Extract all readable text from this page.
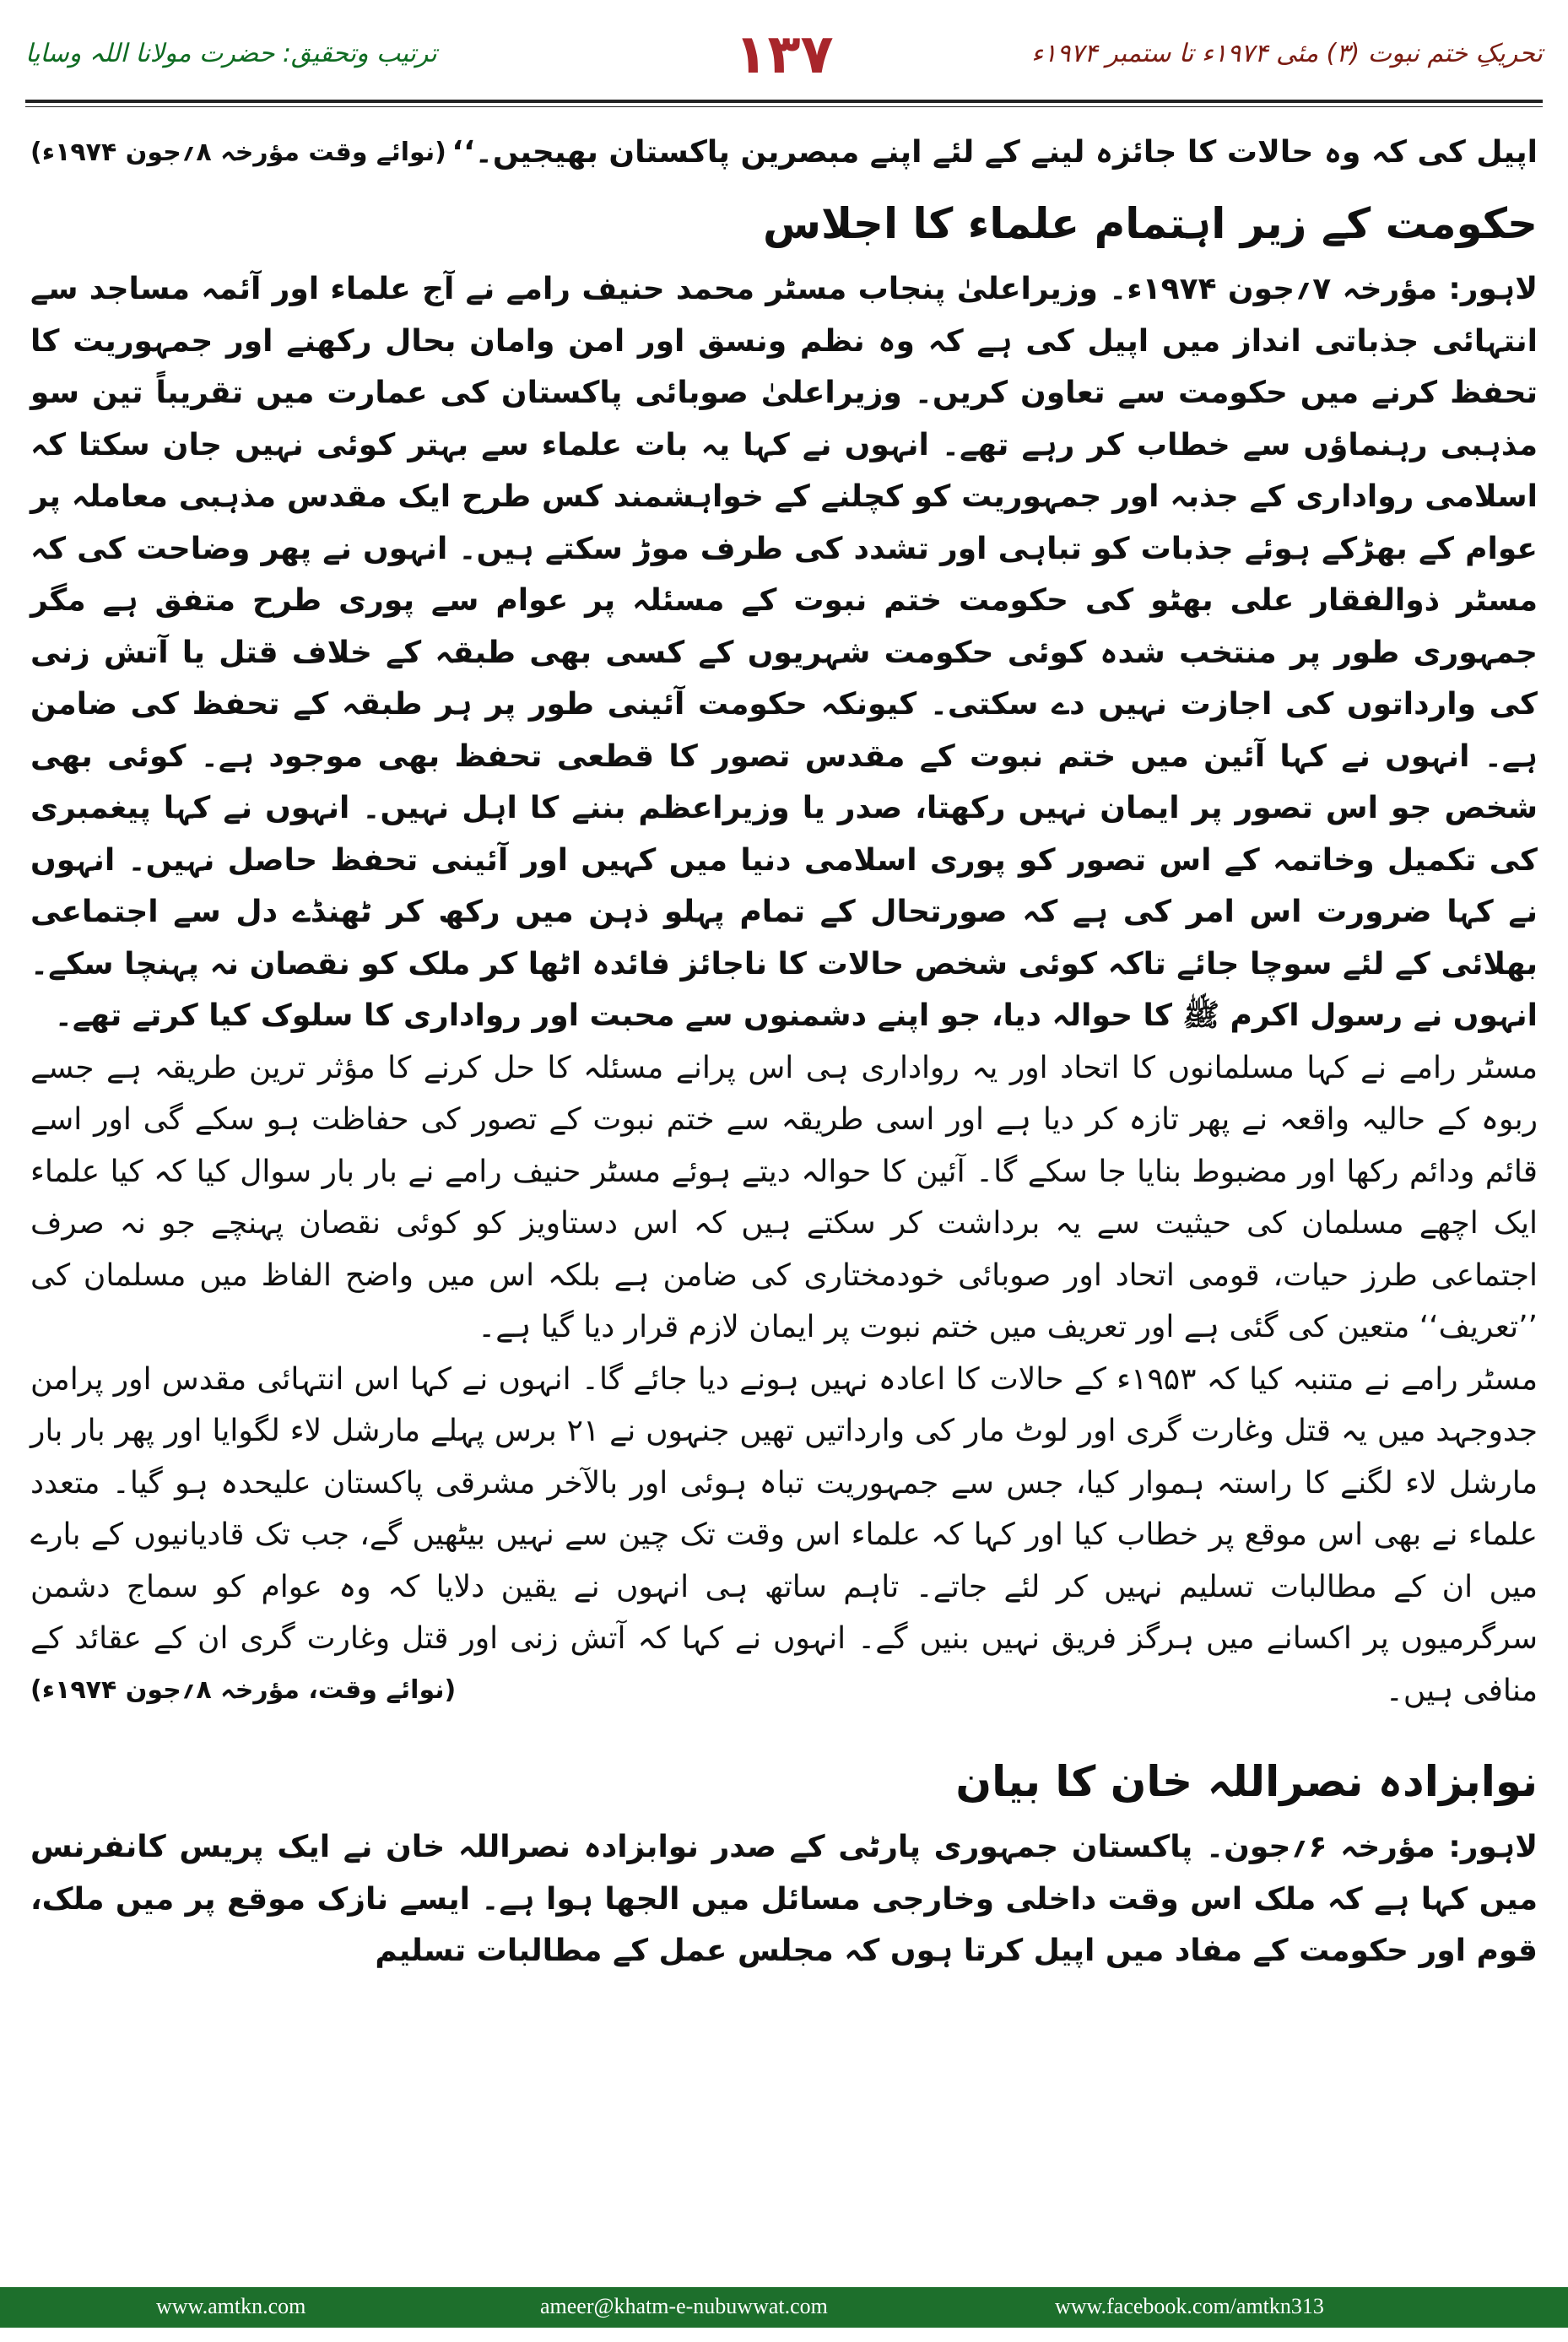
تحریکِ ختم نبوت (۳) مئی ۱۹۷۴ء تا ستمبر ۱۹۷۴ء
۱۳۷
ترتیب وتحقیق: حضرت مولانا اللہ وسایا
اپیل کی کہ وہ حالات کا جائزہ لینے کے لئے اپنے مبصرین پاکستان بھیجیں۔‘‘
(نوائے وقت مؤرخہ ۸؍جون ۱۹۷۴ء)
حکومت کے زیر اہتمام علماء کا اجلاس

لاہور: مؤرخہ ۷؍جون ۱۹۷۴ء۔ وزیراعلیٰ پنجاب مسٹر محمد حنیف رامے نے آج علماء اور آئمہ مساجد سے انتہائی جذباتی انداز میں اپیل کی ہے کہ وہ نظم ونسق اور امن وامان بحال رکھنے اور جمہوریت کا تحفظ کرنے میں حکومت سے تعاون کریں۔ وزیراعلیٰ صوبائی پاکستان کی عمارت میں تقریباً تین سو مذہبی رہنماؤں سے خطاب کر رہے تھے۔ انہوں نے کہا یہ بات علماء سے بہتر کوئی نہیں جان سکتا کہ اسلامی رواداری کے جذبہ اور جمہوریت کو کچلنے کے خواہشمند کس طرح ایک مقدس مذہبی معاملہ پر عوام کے بھڑکے ہوئے جذبات کو تباہی اور تشدد کی طرف موڑ سکتے ہیں۔ انہوں نے پھر وضاحت کی کہ مسٹر ذوالفقار علی بھٹو کی حکومت ختم نبوت کے مسئلہ پر عوام سے پوری طرح متفق ہے مگر جمہوری طور پر منتخب شدہ کوئی حکومت شہریوں کے کسی بھی طبقہ کے خلاف قتل یا آتش زنی کی وارداتوں کی اجازت نہیں دے سکتی۔ کیونکہ حکومت آئینی طور پر ہر طبقہ کے تحفظ کی ضامن ہے۔ انہوں نے کہا آئین میں ختم نبوت کے مقدس تصور کا قطعی تحفظ بھی موجود ہے۔ کوئی بھی شخص جو اس تصور پر ایمان نہیں رکھتا، صدر یا وزیراعظم بننے کا اہل نہیں۔ انہوں نے کہا پیغمبری کی تکمیل وخاتمہ کے اس تصور کو پوری اسلامی دنیا میں کہیں اور آئینی تحفظ حاصل نہیں۔ انہوں نے کہا ضرورت اس امر کی ہے کہ صورتحال کے تمام پہلو ذہن میں رکھ کر ٹھنڈے دل سے اجتماعی بھلائی کے لئے سوچا جائے تاکہ کوئی شخص حالات کا ناجائز فائدہ اٹھا کر ملک کو نقصان نہ پہنچا سکے۔ انہوں نے رسول اکرم ﷺ کا حوالہ دیا، جو اپنے دشمنوں سے محبت اور رواداری کا سلوک کیا کرتے تھے۔

مسٹر رامے نے کہا مسلمانوں کا اتحاد اور یہ رواداری ہی اس پرانے مسئلہ کا حل کرنے کا مؤثر ترین طریقہ ہے جسے ربوہ کے حالیہ واقعہ نے پھر تازہ کر دیا ہے اور اسی طریقہ سے ختم نبوت کے تصور کی حفاظت ہو سکے گی اور اسے قائم ودائم رکھا اور مضبوط بنایا جا سکے گا۔ آئین کا حوالہ دیتے ہوئے مسٹر حنیف رامے نے بار بار سوال کیا کہ کیا علماء ایک اچھے مسلمان کی حیثیت سے یہ برداشت کر سکتے ہیں کہ اس دستاویز کو کوئی نقصان پہنچے جو نہ صرف اجتماعی طرز حیات، قومی اتحاد اور صوبائی خودمختاری کی ضامن ہے بلکہ اس میں واضح الفاظ میں مسلمان کی ’’تعریف‘‘ متعین کی گئی ہے اور تعریف میں ختم نبوت پر ایمان لازم قرار دیا گیا ہے۔

مسٹر رامے نے متنبہ کیا کہ ۱۹۵۳ء کے حالات کا اعادہ نہیں ہونے دیا جائے گا۔ انہوں نے کہا اس انتہائی مقدس اور پرامن جدوجہد میں یہ قتل وغارت گری اور لوٹ مار کی وارداتیں تھیں جنہوں نے ۲۱ برس پہلے مارشل لاء لگوایا اور پھر بار بار مارشل لاء لگنے کا راستہ ہموار کیا، جس سے جمہوریت تباہ ہوئی اور بالآخر مشرقی پاکستان علیحدہ ہو گیا۔ متعدد علماء نے بھی اس موقع پر خطاب کیا اور کہا کہ علماء اس وقت تک چین سے نہیں بیٹھیں گے، جب تک قادیانیوں کے بارے میں ان کے مطالبات تسلیم نہیں کر لئے جاتے۔ تاہم ساتھ ہی انہوں نے یقین دلایا کہ وہ عوام کو سماج دشمن سرگرمیوں پر اکسانے میں ہرگز فریق نہیں بنیں گے۔ انہوں نے کہا کہ آتش زنی اور قتل وغارت گری ان کے عقائد کے منافی ہیں۔

(نوائے وقت، مؤرخہ ۸؍جون ۱۹۷۴ء)
نوابزادہ نصراللہ خان کا بیان

لاہور: مؤرخہ ۶؍جون۔ پاکستان جمہوری پارٹی کے صدر نوابزادہ نصراللہ خان نے ایک پریس کانفرنس میں کہا ہے کہ ملک اس وقت داخلی وخارجی مسائل میں الجھا ہوا ہے۔ ایسے نازک موقع پر میں ملک، قوم اور حکومت کے مفاد میں اپیل کرتا ہوں کہ مجلس عمل کے مطالبات تسلیم

www.amtkn.com	ameer@khatm-e-nubuwwat.com	www.facebook.com/amtkn313
